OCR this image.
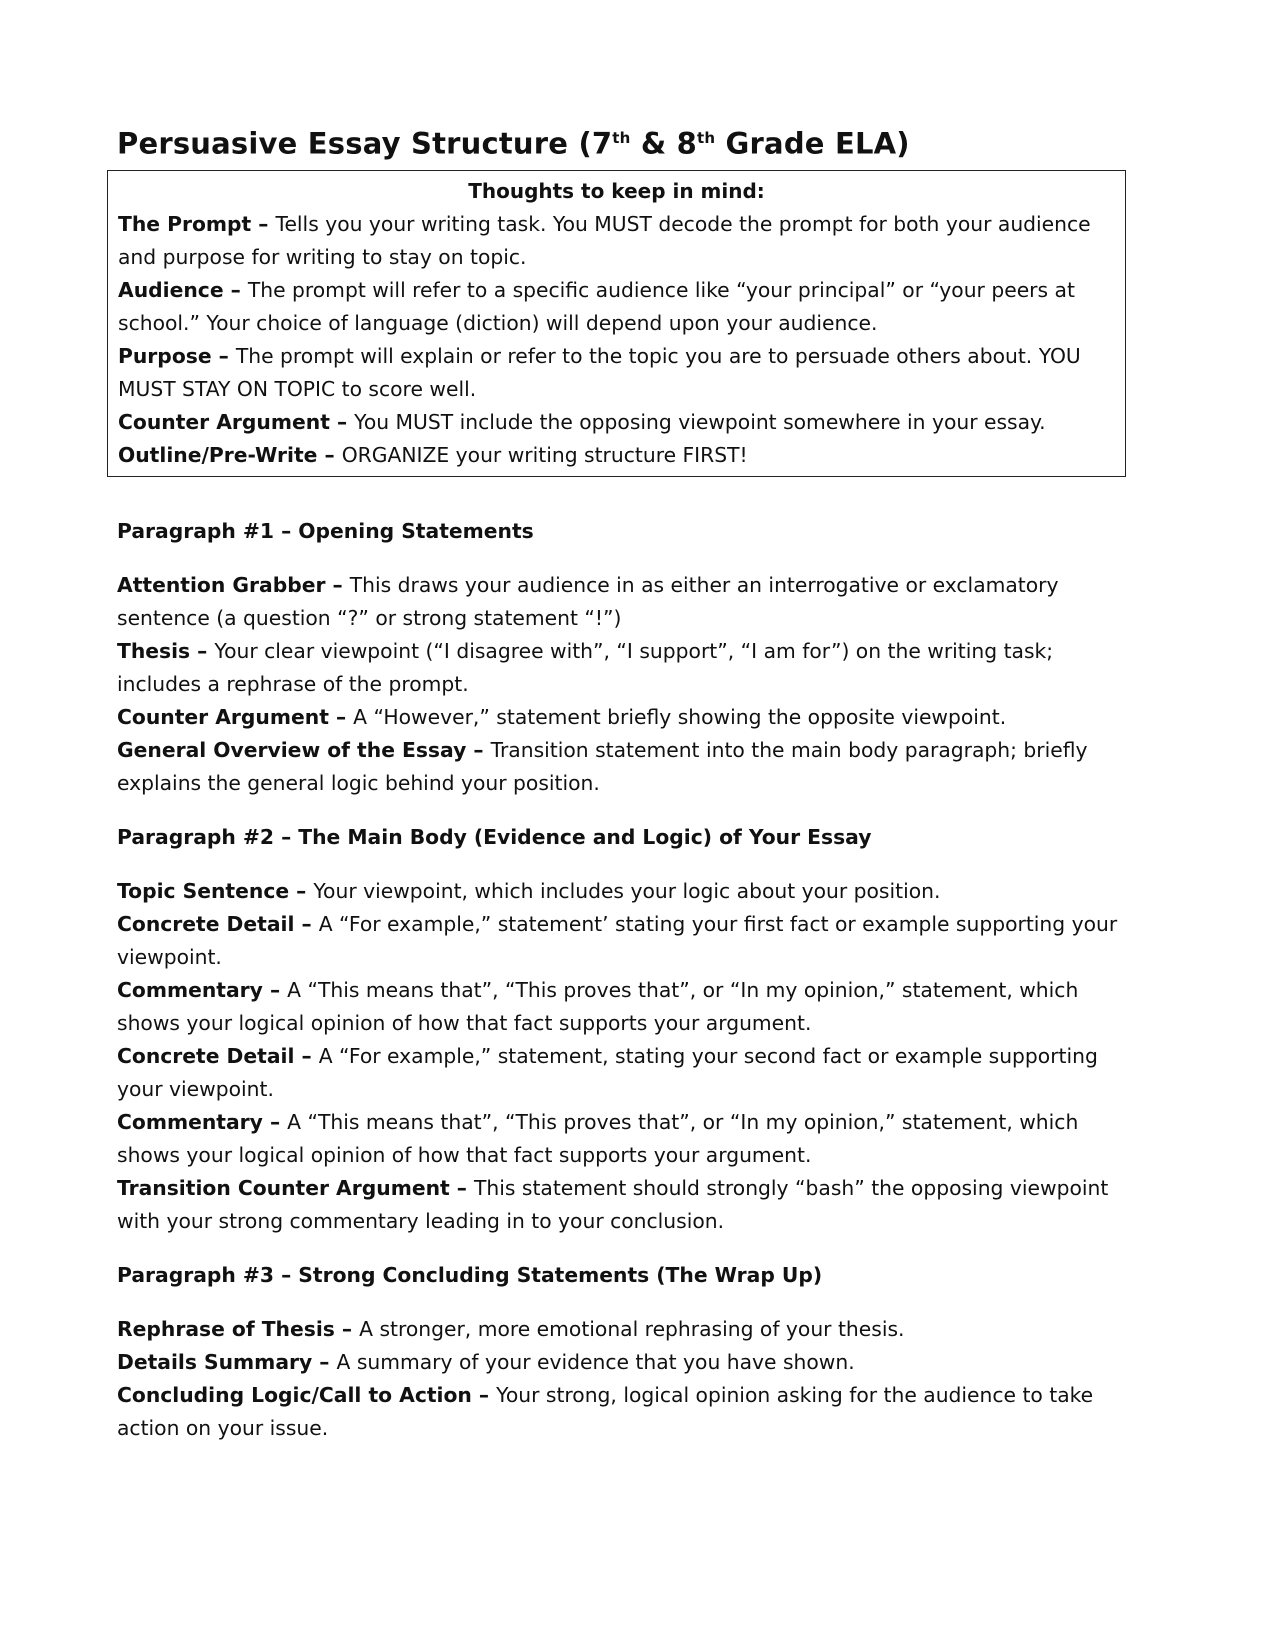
Persuasive Essay Structure (7th & 8th Grade ELA)
Thoughts to keep in mind:
The Prompt – Tells you your writing task. You MUST decode the prompt for both your audience and purpose for writing to stay on topic.
Audience – The prompt will refer to a specific audience like “your principal” or “your peers at school.” Your choice of language (diction) will depend upon your audience.
Purpose – The prompt will explain or refer to the topic you are to persuade others about. YOU MUST STAY ON TOPIC to score well.
Counter Argument – You MUST include the opposing viewpoint somewhere in your essay.
Outline/Pre-Write – ORGANIZE your writing structure FIRST!
Paragraph #1 – Opening Statements
Attention Grabber – This draws your audience in as either an interrogative or exclamatory sentence (a question “?” or strong statement “!”)
Thesis – Your clear viewpoint (“I disagree with”, “I support”, “I am for”) on the writing task; includes a rephrase of the prompt.
Counter Argument – A “However,” statement briefly showing the opposite viewpoint.
General Overview of the Essay – Transition statement into the main body paragraph; briefly explains the general logic behind your position.
Paragraph #2 – The Main Body (Evidence and Logic) of Your Essay
Topic Sentence – Your viewpoint, which includes your logic about your position.
Concrete Detail – A “For example,” statement’ stating your first fact or example supporting your viewpoint.
Commentary – A “This means that”, “This proves that”, or “In my opinion,” statement, which shows your logical opinion of how that fact supports your argument.
Concrete Detail – A “For example,” statement, stating your second fact or example supporting your viewpoint.
Commentary – A “This means that”, “This proves that”, or “In my opinion,” statement, which shows your logical opinion of how that fact supports your argument.
Transition Counter Argument – This statement should strongly “bash” the opposing viewpoint with your strong commentary leading in to your conclusion.
Paragraph #3 – Strong Concluding Statements (The Wrap Up)
Rephrase of Thesis – A stronger, more emotional rephrasing of your thesis.
Details Summary – A summary of your evidence that you have shown.
Concluding Logic/Call to Action – Your strong, logical opinion asking for the audience to take action on your issue.
